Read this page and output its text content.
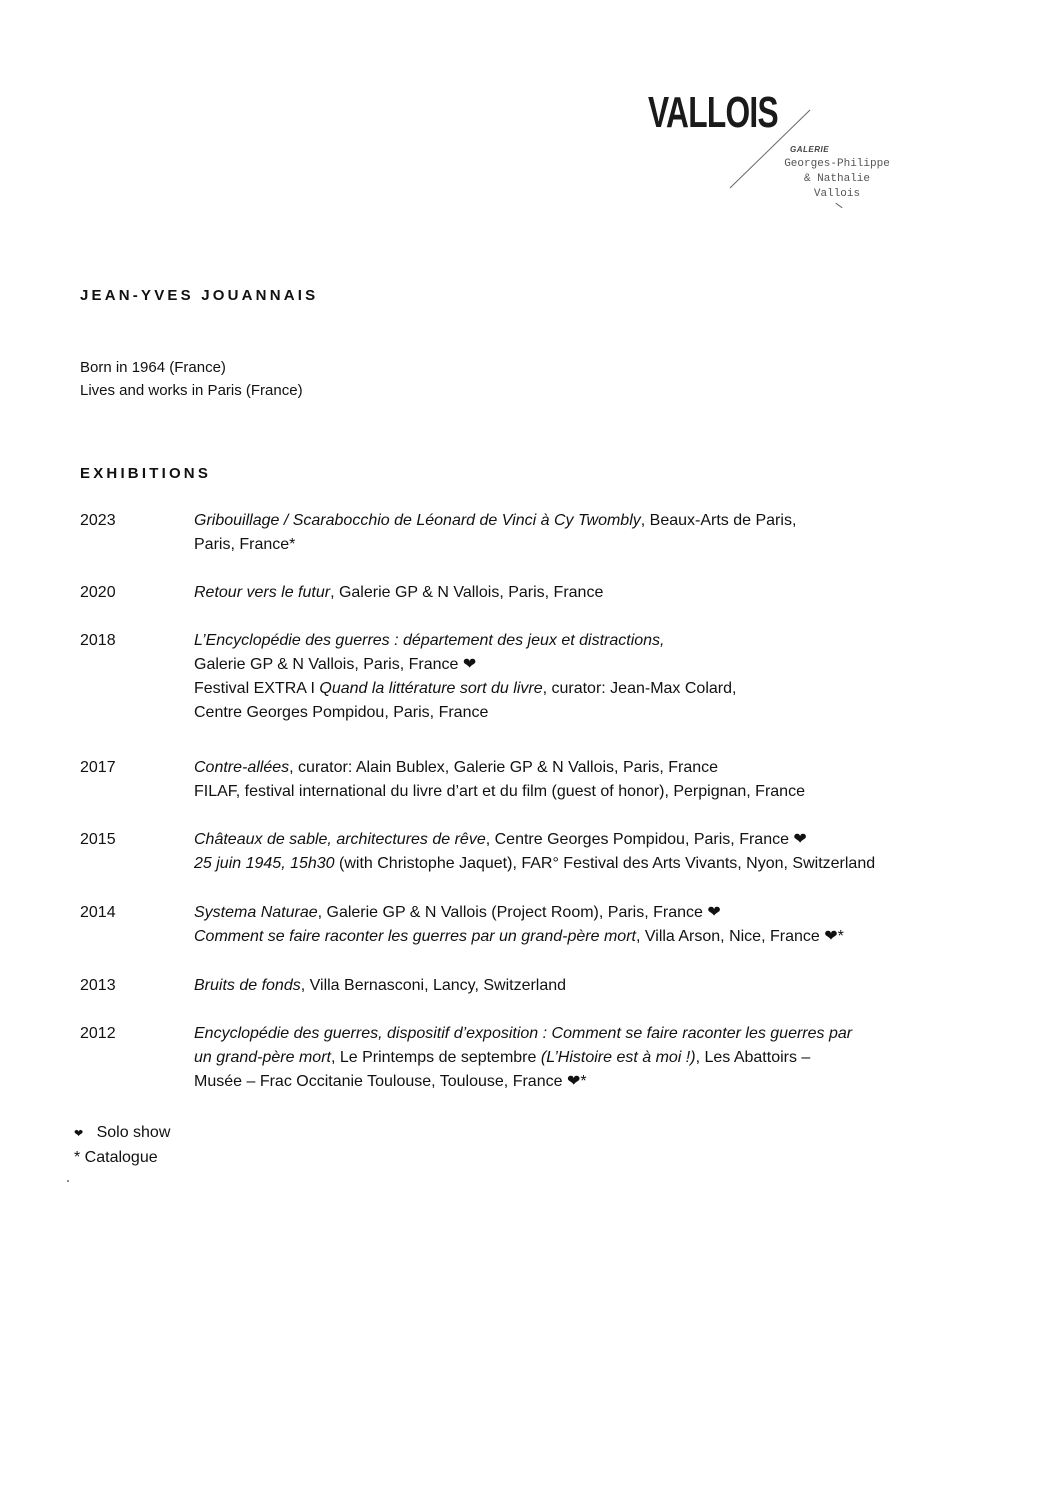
VALLOIS
GALERIE
Georges-Philippe
& Nathalie
Vallois
JEAN-YVES JOUANNAIS
Born in 1964 (France)
Lives and works in Paris (France)
EXHIBITIONS
2023	Gribouillage / Scarabocchio de Léonard de Vinci à Cy Twombly, Beaux-Arts de Paris,
Paris, France*
2020	Retour vers le futur, Galerie GP & N Vallois, Paris, France
2018	L’Encyclopédie des guerres : département des jeux et distractions,
Galerie GP & N Vallois, Paris, France ❤
Festival EXTRA I Quand la littérature sort du livre, curator: Jean-Max Colard,
Centre Georges Pompidou, Paris, France
2017	Contre-allées, curator: Alain Bublex, Galerie GP & N Vallois, Paris, France
FILAF, festival international du livre d’art et du film (guest of honor), Perpignan, France
2015	Châteaux de sable, architectures de rêve, Centre Georges Pompidou, Paris, France ❤
25 juin 1945, 15h30 (with Christophe Jaquet), FAR° Festival des Arts Vivants, Nyon, Switzerland
2014	Systema Naturae, Galerie GP & N Vallois (Project Room), Paris, France ❤
Comment se faire raconter les guerres par un grand-père mort, Villa Arson, Nice, France ❤*
2013	Bruits de fonds, Villa Bernasconi, Lancy, Switzerland
2012	Encyclopédie des guerres, dispositif d’exposition : Comment se faire raconter les guerres par
un grand-père mort, Le Printemps de septembre (L’Histoire est à moi !), Les Abattoirs –
Musée – Frac Occitanie Toulouse, Toulouse, France ❤*
❤ Solo show
* Catalogue
